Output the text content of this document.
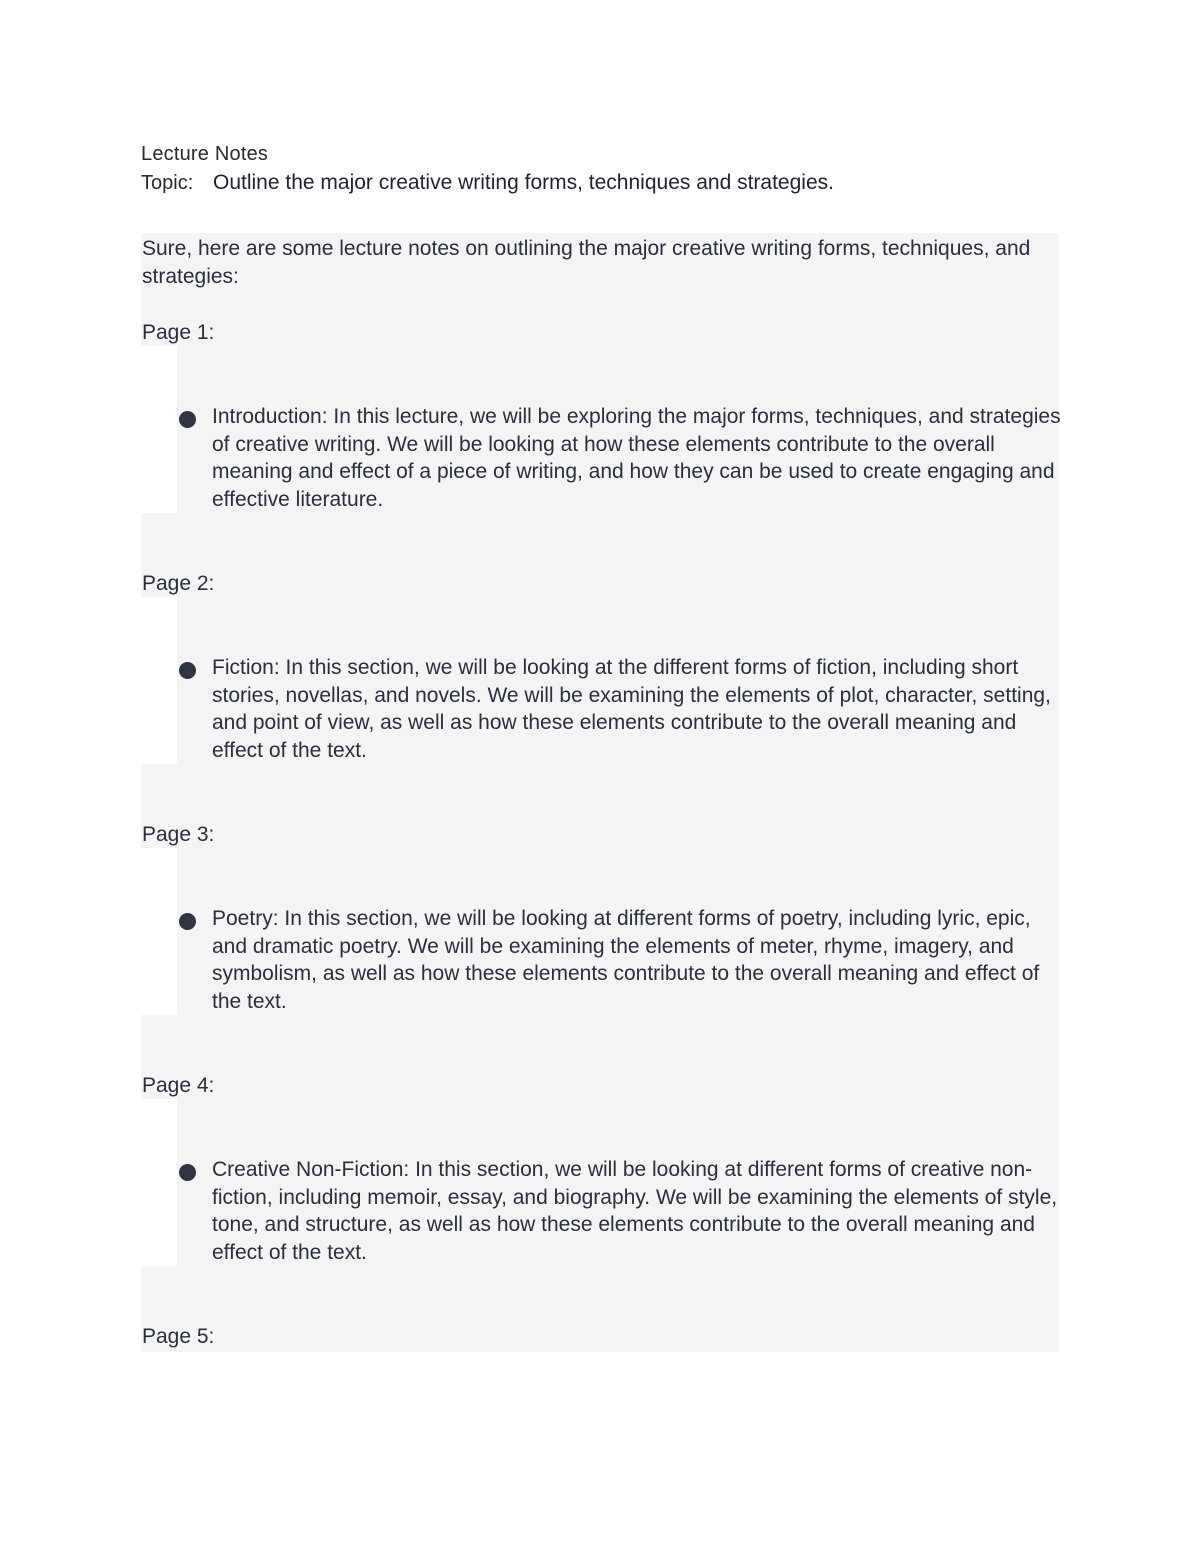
Lecture Notes
Topic: Outline the major creative writing forms, techniques and strategies.
Sure, here are some lecture notes on outlining the major creative writing forms, techniques, and strategies:
Page 1:
Introduction: In this lecture, we will be exploring the major forms, techniques, and strategies of creative writing. We will be looking at how these elements contribute to the overall meaning and effect of a piece of writing, and how they can be used to create engaging and effective literature.
Page 2:
Fiction: In this section, we will be looking at the different forms of fiction, including short stories, novellas, and novels. We will be examining the elements of plot, character, setting, and point of view, as well as how these elements contribute to the overall meaning and effect of the text.
Page 3:
Poetry: In this section, we will be looking at different forms of poetry, including lyric, epic, and dramatic poetry. We will be examining the elements of meter, rhyme, imagery, and symbolism, as well as how these elements contribute to the overall meaning and effect of the text.
Page 4:
Creative Non-Fiction: In this section, we will be looking at different forms of creative non-fiction, including memoir, essay, and biography. We will be examining the elements of style, tone, and structure, as well as how these elements contribute to the overall meaning and effect of the text.
Page 5:
